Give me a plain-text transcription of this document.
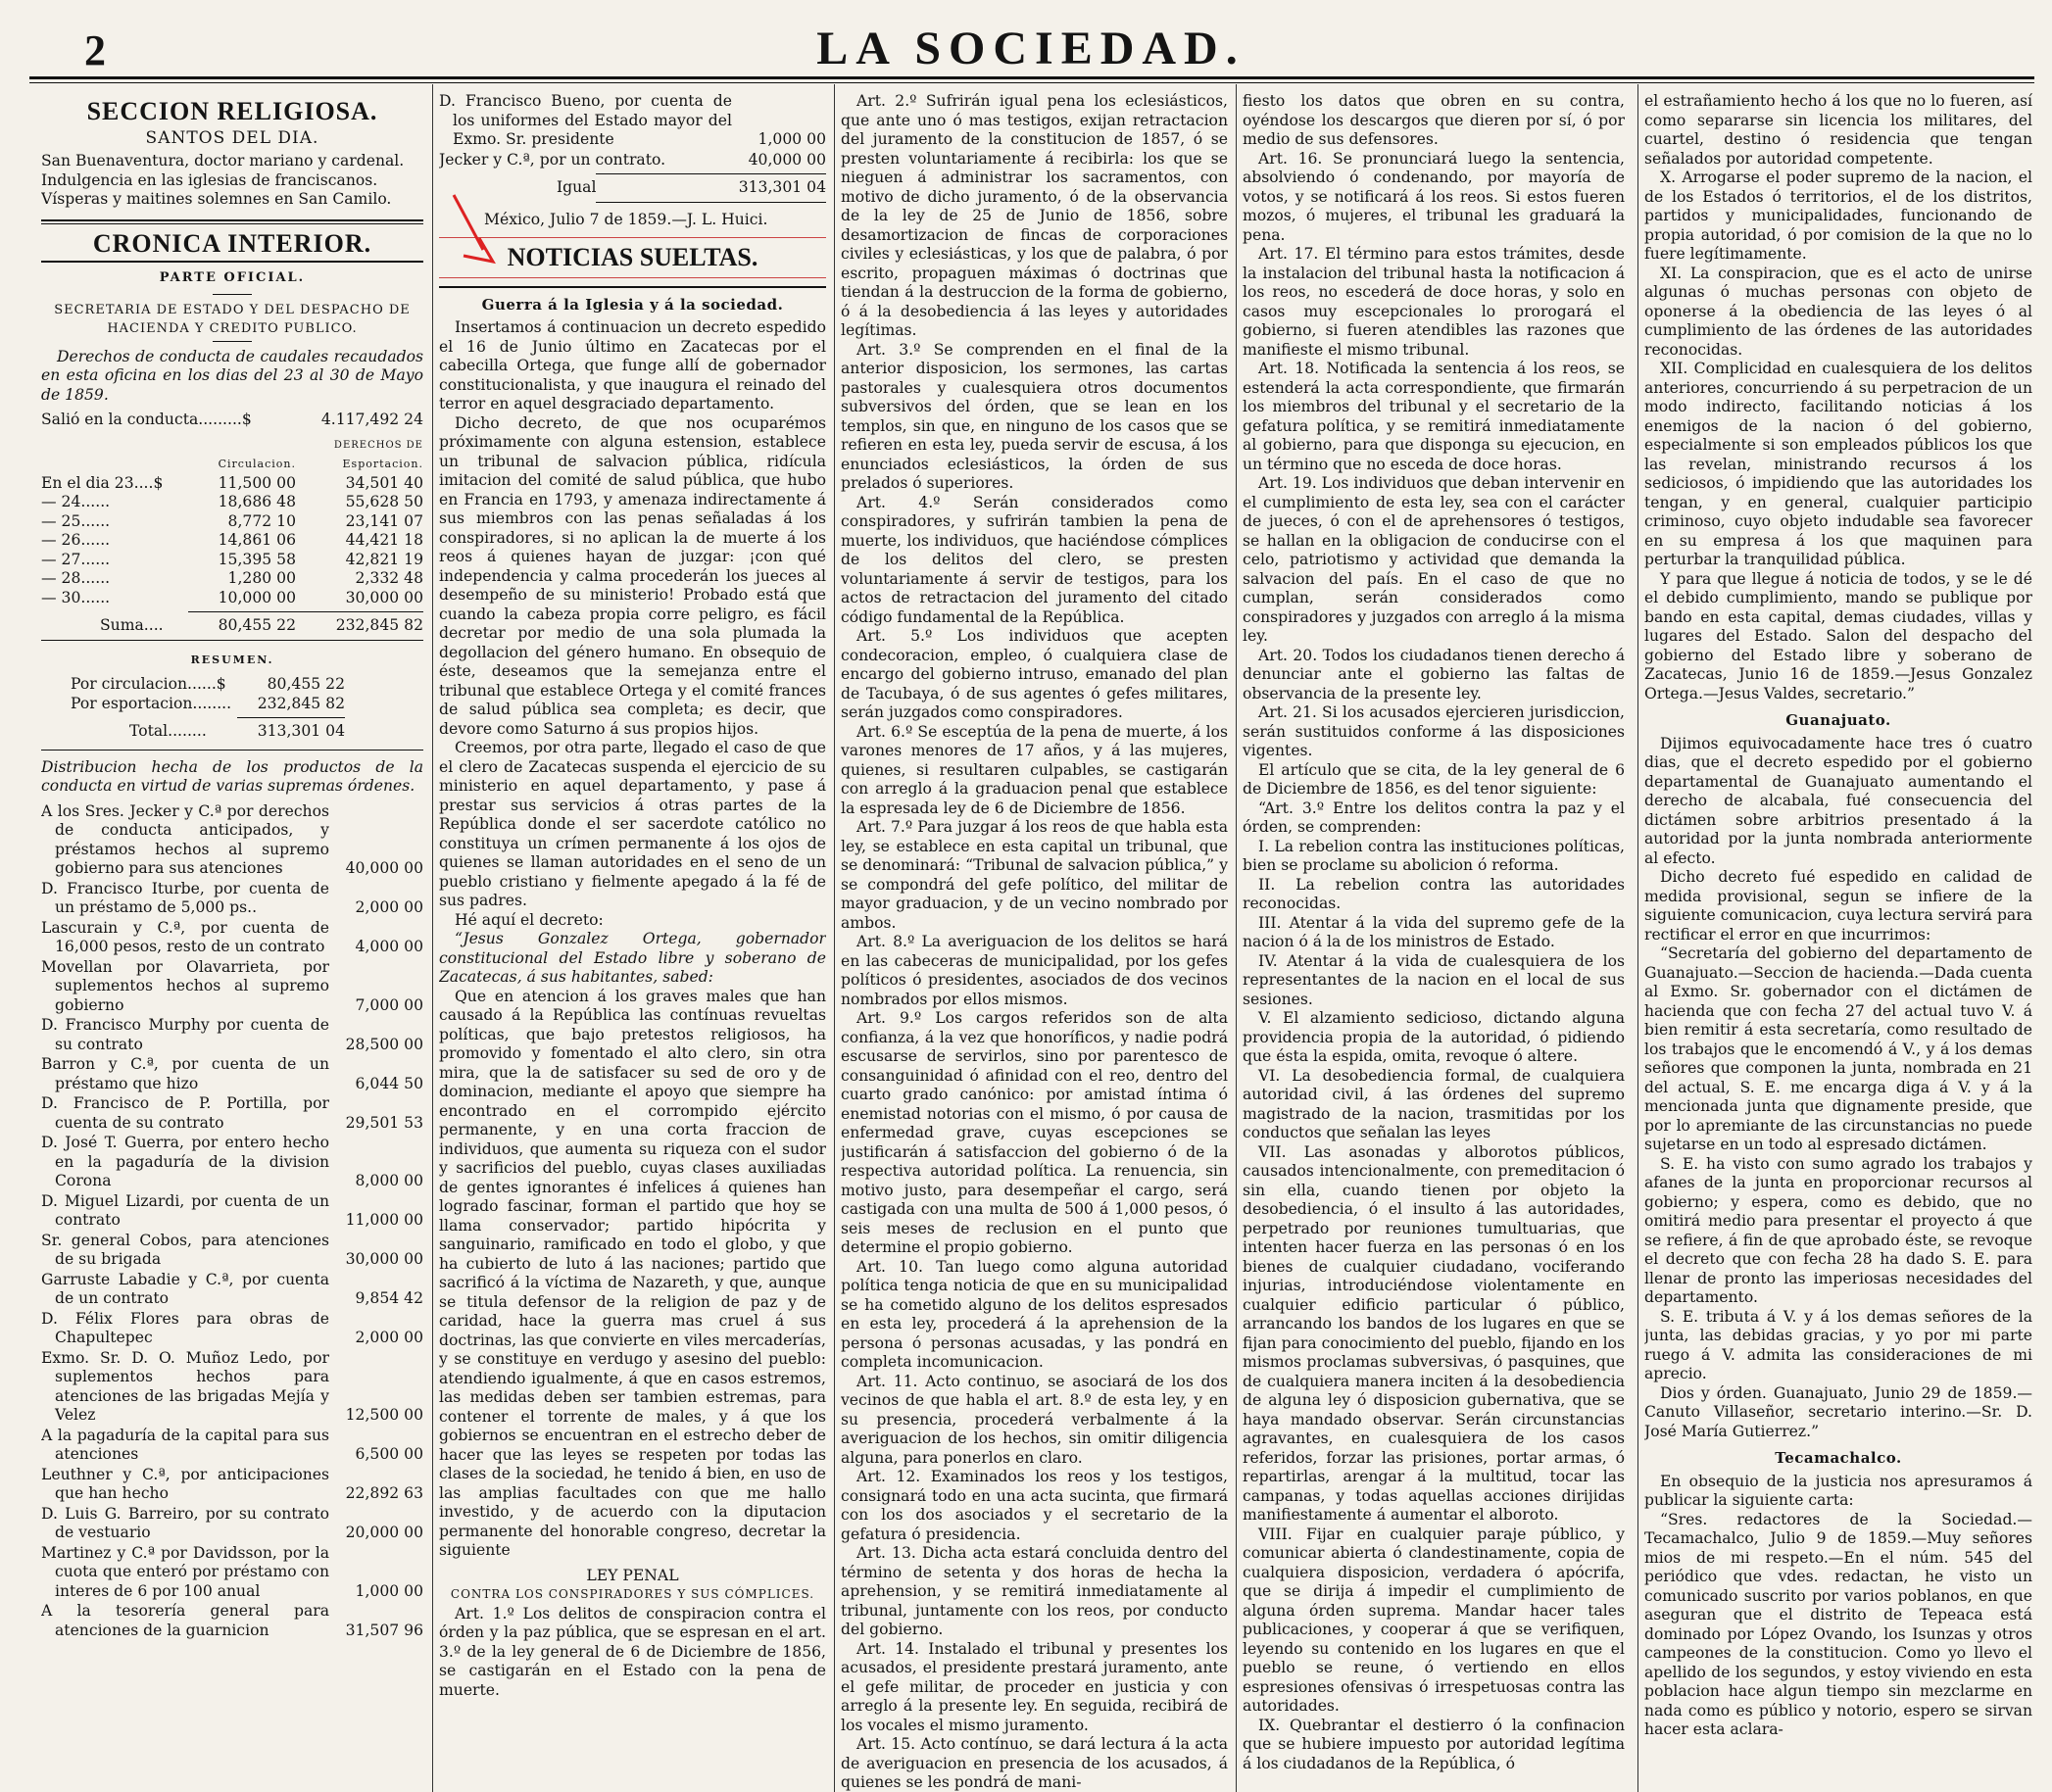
2	LA SOCIEDAD.
SECCION RELIGIOSA.
SANTOS DEL DIA.

San Buenaventura, doctor mariano y cardenal.

Indulgencia en las iglesias de franciscanos.

Vísperas y maitines solemnes en San Camilo.

CRONICA INTERIOR.
PARTE OFICIAL.
SECRETARIA DE ESTADO Y DEL DESPACHO DE HACIENDA Y CREDITO PUBLICO.

Derechos de conducta de caudales recaudados en esta oficina en los dias del 23 al 30 de Mayo de 1859.

Salió en la conducta.........$	4.117,492 24
DERECHOS DE
Circulacion.	Esportacion.
En el dia 23....$	11,500 00	34,501 40
— 24......	18,686 48	55,628 50
— 25......	8,772 10	23,141 07
— 26......	14,861 06	44,421 18
— 27......	15,395 58	42,821 19
— 28......	1,280 00	2,332 48
— 30......	10,000 00	30,000 00
Suma....	80,455 22	232,845 82
RESUMEN.
Por circulacion......$	80,455 22
Por esportacion........	232,845 82
Total........	313,301 04

Distribucion hecha de los productos de la conducta en virtud de varias supremas órdenes.

A los Sres. Jecker y C.ª por derechos de conducta anticipados, y préstamos hechos al supremo gobierno para sus atenciones	40,000 00
D. Francisco Iturbe, por cuenta de un préstamo de 5,000 ps..	2,000 00
Lascurain y C.ª, por cuenta de 16,000 pesos, resto de un contrato	4,000 00
Movellan por Olavarrieta, por suplementos hechos al supremo gobierno	7,000 00
D. Francisco Murphy por cuenta de su contrato	28,500 00
Barron y C.ª, por cuenta de un préstamo que hizo	6,044 50
D. Francisco de P. Portilla, por cuenta de su contrato	29,501 53
D. José T. Guerra, por entero hecho en la pagaduría de la division Corona	8,000 00
D. Miguel Lizardi, por cuenta de un contrato	11,000 00
Sr. general Cobos, para atenciones de su brigada	30,000 00
Garruste Labadie y C.ª, por cuenta de un contrato	9,854 42
D. Félix Flores para obras de Chapultepec	2,000 00
Exmo. Sr. D. O. Muñoz Ledo, por suplementos hechos para atenciones de las brigadas Mejía y Velez	12,500 00
A la pagaduría de la capital para sus atenciones	6,500 00
Leuthner y C.ª, por anticipaciones que han hecho	22,892 63
D. Luis G. Barreiro, por su contrato de vestuario	20,000 00
Martinez y C.ª por Davidsson, por la cuota que enteró por préstamo con interes de 6 por 100 anual	1,000 00
A la tesorería general para atenciones de la guarnicion	31,507 96
D. Francisco Bueno, por cuenta de los uniformes del Estado mayor del Exmo. Sr. presidente	1,000 00
Jecker y C.ª, por un contrato.	40,000 00
Igual	313,301 04

México, Julio 7 de 1859.—J. L. Huici.

NOTICIAS SUELTAS.
Guerra á la Iglesia y á la sociedad.

Insertamos á continuacion un decreto espedido el 16 de Junio último en Zacatecas por el cabecilla Ortega, que funge allí de gobernador constitucionalista, y que inaugura el reinado del terror en aquel desgraciado departamento.

Dicho decreto, de que nos ocuparémos próximamente con alguna estension, establece un tribunal de salvacion pública, ridícula imitacion del comité de salud pública, que hubo en Francia en 1793, y amenaza indirectamente á sus miembros con las penas señaladas á los conspiradores, si no aplican la de muerte á los reos á quienes hayan de juzgar: ¡con qué independencia y calma procederán los jueces al desempeño de su ministerio! Probado está que cuando la cabeza propia corre peligro, es fácil decretar por medio de una sola plumada la degollacion del género humano. En obsequio de éste, deseamos que la semejanza entre el tribunal que establece Ortega y el comité frances de salud pública sea completa; es decir, que devore como Saturno á sus propios hijos.

Creemos, por otra parte, llegado el caso de que el clero de Zacatecas suspenda el ejercicio de su ministerio en aquel departamento, y pase á prestar sus servicios á otras partes de la República donde el ser sacerdote católico no constituya un crímen permanente á los ojos de quienes se llaman autoridades en el seno de un pueblo cristiano y fielmente apegado á la fé de sus padres.

Hé aquí el decreto:

“Jesus Gonzalez Ortega, gobernador constitucional del Estado libre y soberano de Zacatecas, á sus habitantes, sabed:

Que en atencion á los graves males que han causado á la República las contínuas revueltas políticas, que bajo pretestos religiosos, ha promovido y fomentado el alto clero, sin otra mira, que la de satisfacer su sed de oro y de dominacion, mediante el apoyo que siempre ha encontrado en el corrompido ejército permanente, y en una corta fraccion de individuos, que aumenta su riqueza con el sudor y sacrificios del pueblo, cuyas clases auxiliadas de gentes ignorantes é infelices á quienes han logrado fascinar, forman el partido que hoy se llama conservador; partido hipócrita y sanguinario, ramificado en todo el globo, y que ha cubierto de luto á las naciones; partido que sacrificó á la víctima de Nazareth, y que, aunque se titula defensor de la religion de paz y de caridad, hace la guerra mas cruel á sus doctrinas, las que convierte en viles mercaderías, y se constituye en verdugo y asesino del pueblo: atendiendo igualmente, á que en casos estremos, las medidas deben ser tambien estremas, para contener el torrente de males, y á que los gobiernos se encuentran en el estrecho deber de hacer que las leyes se respeten por todas las clases de la sociedad, he tenido á bien, en uso de las amplias facultades con que me hallo investido, y de acuerdo con la diputacion permanente del honorable congreso, decretar la siguiente

LEY PENAL
CONTRA LOS CONSPIRADORES Y SUS CÓMPLICES.

Art. 1.º Los delitos de conspiracion contra el órden y la paz pública, que se espresan en el art. 3.º de la ley general de 6 de Diciembre de 1856, se castigarán en el Estado con la pena de muerte.

Art. 2.º Sufrirán igual pena los eclesiásticos, que ante uno ó mas testigos, exijan retractacion del juramento de la constitucion de 1857, ó se presten voluntariamente á recibirla: los que se nieguen á administrar los sacramentos, con motivo de dicho juramento, ó de la observancia de la ley de 25 de Junio de 1856, sobre desamortizacion de fincas de corporaciones civiles y eclesiásticas, y los que de palabra, ó por escrito, propaguen máximas ó doctrinas que tiendan á la destruccion de la forma de gobierno, ó á la desobediencia á las leyes y autoridades legítimas.

Art. 3.º Se comprenden en el final de la anterior disposicion, los sermones, las cartas pastorales y cualesquiera otros documentos subversivos del órden, que se lean en los templos, sin que, en ninguno de los casos que se refieren en esta ley, pueda servir de escusa, á los enunciados eclesiásticos, la órden de sus prelados ó superiores.

Art. 4.º Serán considerados como conspiradores, y sufrirán tambien la pena de muerte, los individuos, que haciéndose cómplices de los delitos del clero, se presten voluntariamente á servir de testigos, para los actos de retractacion del juramento del citado código fundamental de la República.

Art. 5.º Los individuos que acepten condecoracion, empleo, ó cualquiera clase de encargo del gobierno intruso, emanado del plan de Tacubaya, ó de sus agentes ó gefes militares, serán juzgados como conspiradores.

Art. 6.º Se esceptúa de la pena de muerte, á los varones menores de 17 años, y á las mujeres, quienes, si resultaren culpables, se castigarán con arreglo á la graduacion penal que establece la espresada ley de 6 de Diciembre de 1856.

Art. 7.º Para juzgar á los reos de que habla esta ley, se establece en esta capital un tribunal, que se denominará: “Tribunal de salvacion pública,” y se compondrá del gefe político, del militar de mayor graduacion, y de un vecino nombrado por ambos.

Art. 8.º La averiguacion de los delitos se hará en las cabeceras de municipalidad, por los gefes políticos ó presidentes, asociados de dos vecinos nombrados por ellos mismos.

Art. 9.º Los cargos referidos son de alta confianza, á la vez que honoríficos, y nadie podrá escusarse de servirlos, sino por parentesco de consanguinidad ó afinidad con el reo, dentro del cuarto grado canónico: por amistad íntima ó enemistad notorias con el mismo, ó por causa de enfermedad grave, cuyas escepciones se justificarán á satisfaccion del gobierno ó de la respectiva autoridad política. La renuencia, sin motivo justo, para desempeñar el cargo, será castigada con una multa de 500 á 1,000 pesos, ó seis meses de reclusion en el punto que determine el propio gobierno.

Art. 10. Tan luego como alguna autoridad política tenga noticia de que en su municipalidad se ha cometido alguno de los delitos espresados en esta ley, procederá á la aprehension de la persona ó personas acusadas, y las pondrá en completa incomunicacion.

Art. 11. Acto continuo, se asociará de los dos vecinos de que habla el art. 8.º de esta ley, y en su presencia, procederá verbalmente á la averiguacion de los hechos, sin omitir diligencia alguna, para ponerlos en claro.

Art. 12. Examinados los reos y los testigos, consignará todo en una acta sucinta, que firmará con los dos asociados y el secretario de la gefatura ó presidencia.

Art. 13. Dicha acta estará concluida dentro del término de setenta y dos horas de hecha la aprehension, y se remitirá inmediatamente al tribunal, juntamente con los reos, por conducto del gobierno.

Art. 14. Instalado el tribunal y presentes los acusados, el presidente prestará juramento, ante el gefe militar, de proceder en justicia y con arreglo á la presente ley. En seguida, recibirá de los vocales el mismo juramento.

Art. 15. Acto contínuo, se dará lectura á la acta de averiguacion en presencia de los acusados, á quienes se les pondrá de mani-

fiesto los datos que obren en su contra, oyéndose los descargos que dieren por sí, ó por medio de sus defensores.

Art. 16. Se pronunciará luego la sentencia, absolviendo ó condenando, por mayoría de votos, y se notificará á los reos. Si estos fueren mozos, ó mujeres, el tribunal les graduará la pena.

Art. 17. El término para estos trámites, desde la instalacion del tribunal hasta la notificacion á los reos, no escederá de doce horas, y solo en casos muy escepcionales lo prorogará el gobierno, si fueren atendibles las razones que manifieste el mismo tribunal.

Art. 18. Notificada la sentencia á los reos, se estenderá la acta correspondiente, que firmarán los miembros del tribunal y el secretario de la gefatura política, y se remitirá inmediatamente al gobierno, para que disponga su ejecucion, en un término que no esceda de doce horas.

Art. 19. Los individuos que deban intervenir en el cumplimiento de esta ley, sea con el carácter de jueces, ó con el de aprehensores ó testigos, se hallan en la obligacion de conducirse con el celo, patriotismo y actividad que demanda la salvacion del país. En el caso de que no cumplan, serán considerados como conspiradores y juzgados con arreglo á la misma ley.

Art. 20. Todos los ciudadanos tienen derecho á denunciar ante el gobierno las faltas de observancia de la presente ley.

Art. 21. Si los acusados ejercieren jurisdiccion, serán sustituidos conforme á las disposiciones vigentes.

El artículo que se cita, de la ley general de 6 de Diciembre de 1856, es del tenor siguiente:

“Art. 3.º Entre los delitos contra la paz y el órden, se comprenden:

I. La rebelion contra las instituciones políticas, bien se proclame su abolicion ó reforma.

II. La rebelion contra las autoridades reconocidas.

III. Atentar á la vida del supremo gefe de la nacion ó á la de los ministros de Estado.

IV. Atentar á la vida de cualesquiera de los representantes de la nacion en el local de sus sesiones.

V. El alzamiento sedicioso, dictando alguna providencia propia de la autoridad, ó pidiendo que ésta la espida, omita, revoque ó altere.

VI. La desobediencia formal, de cualquiera autoridad civil, á las órdenes del supremo magistrado de la nacion, trasmitidas por los conductos que señalan las leyes

VII. Las asonadas y alborotos públicos, causados intencionalmente, con premeditacion ó sin ella, cuando tienen por objeto la desobediencia, ó el insulto á las autoridades, perpetrado por reuniones tumultuarias, que intenten hacer fuerza en las personas ó en los bienes de cualquier ciudadano, vociferando injurias, introduciéndose violentamente en cualquier edificio particular ó público, arrancando los bandos de los lugares en que se fijan para conocimiento del pueblo, fijando en los mismos proclamas subversivas, ó pasquines, que de cualquiera manera inciten á la desobediencia de alguna ley ó disposicion gubernativa, que se haya mandado observar. Serán circunstancias agravantes, en cualesquiera de los casos referidos, forzar las prisiones, portar armas, ó repartirlas, arengar á la multitud, tocar las campanas, y todas aquellas acciones dirijidas manifiestamente á aumentar el alboroto.

VIII. Fijar en cualquier paraje público, y comunicar abierta ó clandestinamente, copia de cualquiera disposicion, verdadera ó apócrifa, que se dirija á impedir el cumplimiento de alguna órden suprema. Mandar hacer tales publicaciones, y cooperar á que se verifiquen, leyendo su contenido en los lugares en que el pueblo se reune, ó vertiendo en ellos espresiones ofensivas ó irrespetuosas contra las autoridades.

IX. Quebrantar el destierro ó la confinacion que se hubiere impuesto por autoridad legítima á los ciudadanos de la República, ó

el estrañamiento hecho á los que no lo fueren, así como separarse sin licencia los militares, del cuartel, destino ó residencia que tengan señalados por autoridad competente.

X. Arrogarse el poder supremo de la nacion, el de los Estados ó territorios, el de los distritos, partidos y municipalidades, funcionando de propia autoridad, ó por comision de la que no lo fuere legítimamente.

XI. La conspiracion, que es el acto de unirse algunas ó muchas personas con objeto de oponerse á la obediencia de las leyes ó al cumplimiento de las órdenes de las autoridades reconocidas.

XII. Complicidad en cualesquiera de los delitos anteriores, concurriendo á su perpetracion de un modo indirecto, facilitando noticias á los enemigos de la nacion ó del gobierno, especialmente si son empleados públicos los que las revelan, ministrando recursos á los sediciosos, ó impidiendo que las autoridades los tengan, y en general, cualquier participio criminoso, cuyo objeto indudable sea favorecer en su empresa á los que maquinen para perturbar la tranquilidad pública.

Y para que llegue á noticia de todos, y se le dé el debido cumplimiento, mando se publique por bando en esta capital, demas ciudades, villas y lugares del Estado. Salon del despacho del gobierno del Estado libre y soberano de Zacatecas, Junio 16 de 1859.—Jesus Gonzalez Ortega.—Jesus Valdes, secretario.”

Guanajuato.

Dijimos equivocadamente hace tres ó cuatro dias, que el decreto espedido por el gobierno departamental de Guanajuato aumentando el derecho de alcabala, fué consecuencia del dictámen sobre arbitrios presentado á la autoridad por la junta nombrada anteriormente al efecto.

Dicho decreto fué espedido en calidad de medida provisional, segun se infiere de la siguiente comunicacion, cuya lectura servirá para rectificar el error en que incurrimos:

“Secretaría del gobierno del departamento de Guanajuato.—Seccion de hacienda.—Dada cuenta al Exmo. Sr. gobernador con el dictámen de hacienda que con fecha 27 del actual tuvo V. á bien remitir á esta secretaría, como resultado de los trabajos que le encomendó á V., y á los demas señores que componen la junta, nombrada en 21 del actual, S. E. me encarga diga á V. y á la mencionada junta que dignamente preside, que por lo apremiante de las circunstancias no puede sujetarse en un todo al espresado dictámen.

S. E. ha visto con sumo agrado los trabajos y afanes de la junta en proporcionar recursos al gobierno; y espera, como es debido, que no omitirá medio para presentar el proyecto á que se refiere, á fin de que aprobado éste, se revoque el decreto que con fecha 28 ha dado S. E. para llenar de pronto las imperiosas necesidades del departamento.

S. E. tributa á V. y á los demas señores de la junta, las debidas gracias, y yo por mi parte ruego á V. admita las consideraciones de mi aprecio.

Dios y órden. Guanajuato, Junio 29 de 1859.—Canuto Villaseñor, secretario interino.—Sr. D. José María Gutierrez.”

Tecamachalco.

En obsequio de la justicia nos apresuramos á publicar la siguiente carta:

“Sres. redactores de la Sociedad.—Tecamachalco, Julio 9 de 1859.—Muy señores mios de mi respeto.—En el núm. 545 del periódico que vdes. redactan, he visto un comunicado suscrito por varios poblanos, en que aseguran que el distrito de Tepeaca está dominado por López Ovando, los Isunzas y otros campeones de la constitucion. Como yo llevo el apellido de los segundos, y estoy viviendo en esta poblacion hace algun tiempo sin mezclarme en nada como es público y notorio, espero se sirvan hacer esta aclara-
